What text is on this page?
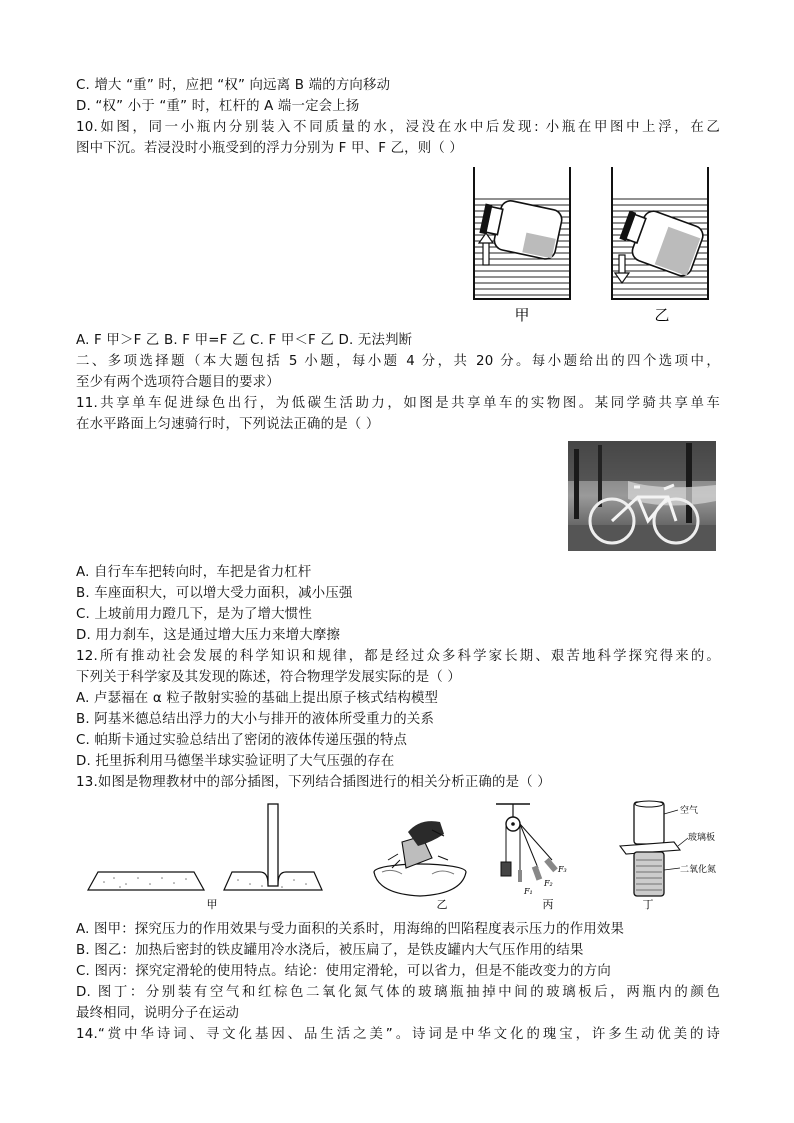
C. 增大 “重” 时，应把 “权” 向远离 B 端的方向移动
D. “权” 小于 “重” 时，杠杆的 A 端一定会上扬
10.如图，同一小瓶内分别装入不同质量的水，浸没在水中后发现: 小瓶在甲图中上浮，在乙
图中下沉。若浸没时小瓶受到的浮力分别为 F 甲、F 乙，则（ ）
甲	乙
A. F 甲＞F 乙 B. F 甲=F 乙 C. F 甲＜F 乙 D. 无法判断
二、多项选择题（本大题包括 5 小题，每小题 4 分，共 20 分。每小题给出的四个选项中，
至少有两个选项符合题目的要求）
11.共享单车促进绿色出行，为低碳生活助力，如图是共享单车的实物图。某同学骑共享单车
在水平路面上匀速骑行时，下列说法正确的是（ ）
A. 自行车车把转向时，车把是省力杠杆
B. 车座面积大，可以增大受力面积，减小压强
C. 上坡前用力蹬几下，是为了增大惯性
D. 用力刹车，这是通过增大压力来增大摩擦
12.所有推动社会发展的科学知识和规律，都是经过众多科学家长期、艰苦地科学探究得来的。
下列关于科学家及其发现的陈述，符合物理学发展实际的是（ ）
A. 卢瑟福在 α 粒子散射实验的基础上提出原子核式结构模型
B. 阿基米德总结出浮力的大小与排开的液体所受重力的关系
C. 帕斯卡通过实验总结出了密闭的液体传递压强的特点
D. 托里拆利用马德堡半球实验证明了大气压强的存在
13.如图是物理教材中的部分插图，下列结合插图进行的相关分析正确的是（ ）
甲	乙
F₁
F₂
F₃
丙
空气
玻璃板
二氧化氮
丁
A. 图甲：探究压力的作用效果与受力面积的关系时，用海绵的凹陷程度表示压力的作用效果
B. 图乙：加热后密封的铁皮罐用冷水浇后，被压扁了，是铁皮罐内大气压作用的结果
C. 图丙：探究定滑轮的使用特点。结论：使用定滑轮，可以省力，但是不能改变力的方向
D. 图丁：分别装有空气和红棕色二氧化氮气体的玻璃瓶抽掉中间的玻璃板后，两瓶内的颜色
最终相同，说明分子在运动
14.“赏中华诗词、寻文化基因、品生活之美”。诗词是中华文化的瑰宝，许多生动优美的诗
